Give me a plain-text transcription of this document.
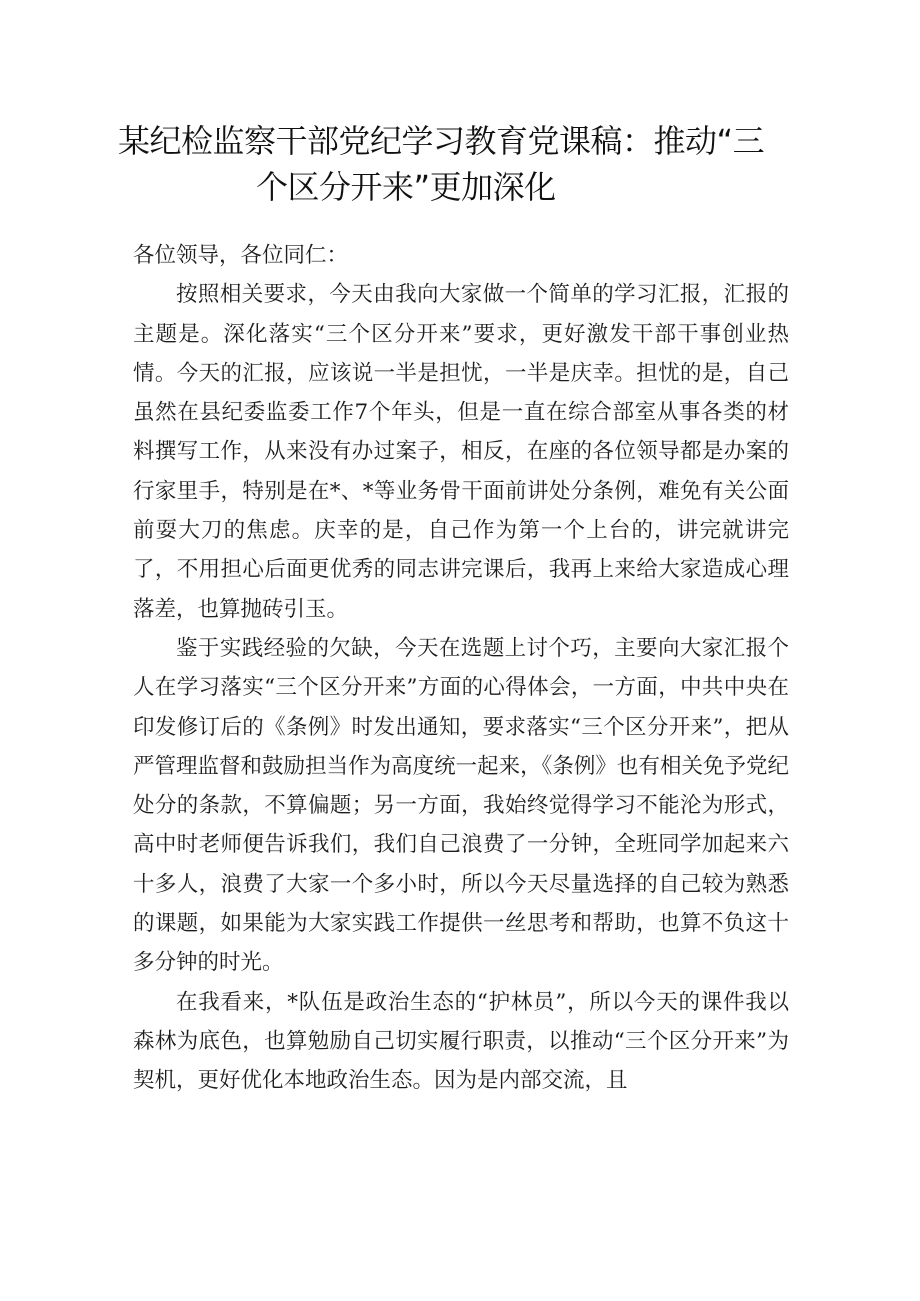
某纪检监察干部党纪学习教育党课稿：推动“三
个区分开来”更加深化

各位领导，各位同仁：

按照相关要求，今天由我向大家做一个简单的学习汇报，汇报的主题是。深化落实“三个区分开来”要求，更好激发干部干事创业热情。今天的汇报，应该说一半是担忧，一半是庆幸。担忧的是，自己虽然在县纪委监委工作7个年头，但是一直在综合部室从事各类的材料撰写工作，从来没有办过案子，相反，在座的各位领导都是办案的行家里手，特别是在*、*等业务骨干面前讲处分条例，难免有关公面前耍大刀的焦虑。庆幸的是，自己作为第一个上台的，讲完就讲完了，不用担心后面更优秀的同志讲完课后，我再上来给大家造成心理落差，也算抛砖引玉。

鉴于实践经验的欠缺，今天在选题上讨个巧，主要向大家汇报个人在学习落实“三个区分开来”方面的心得体会，一方面，中共中央在印发修订后的《条例》时发出通知，要求落实“三个区分开来”，把从严管理监督和鼓励担当作为高度统一起来，《条例》也有相关免予党纪处分的条款，不算偏题；另一方面，我始终觉得学习不能沦为形式，高中时老师便告诉我们，我们自己浪费了一分钟，全班同学加起来六十多人，浪费了大家一个多小时，所以今天尽量选择的自己较为熟悉的课题，如果能为大家实践工作提供一丝思考和帮助，也算不负这十多分钟的时光。

在我看来，*队伍是政治生态的“护林员”，所以今天的课件我以森林为底色，也算勉励自己切实履行职责，以推动“三个区分开来”为契机，更好优化本地政治生态。因为是内部交流，且
